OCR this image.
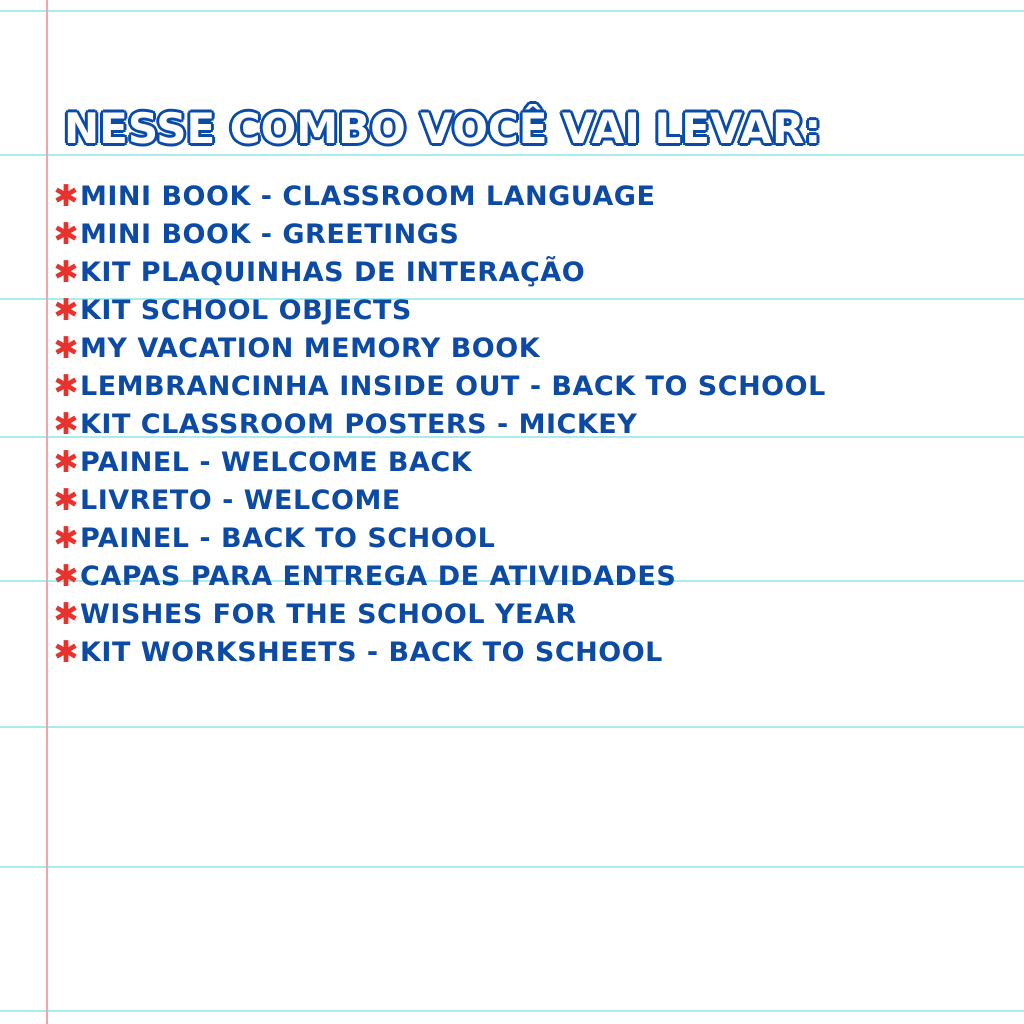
NESSE COMBO VOCÊ VAI LEVAR:
✱ MINI BOOK - CLASSROOM LANGUAGE
✱ MINI BOOK - GREETINGS
✱ KIT PLAQUINHAS DE INTERAÇÃO
✱ KIT SCHOOL OBJECTS
✱ MY VACATION MEMORY BOOK
✱ LEMBRANCINHA INSIDE OUT - BACK TO SCHOOL
✱ KIT CLASSROOM POSTERS - MICKEY
✱ PAINEL - WELCOME BACK
✱ LIVRETO - WELCOME
✱ PAINEL - BACK TO SCHOOL
✱ CAPAS PARA ENTREGA DE ATIVIDADES
✱ WISHES FOR THE SCHOOL YEAR
✱ KIT WORKSHEETS - BACK TO SCHOOL
